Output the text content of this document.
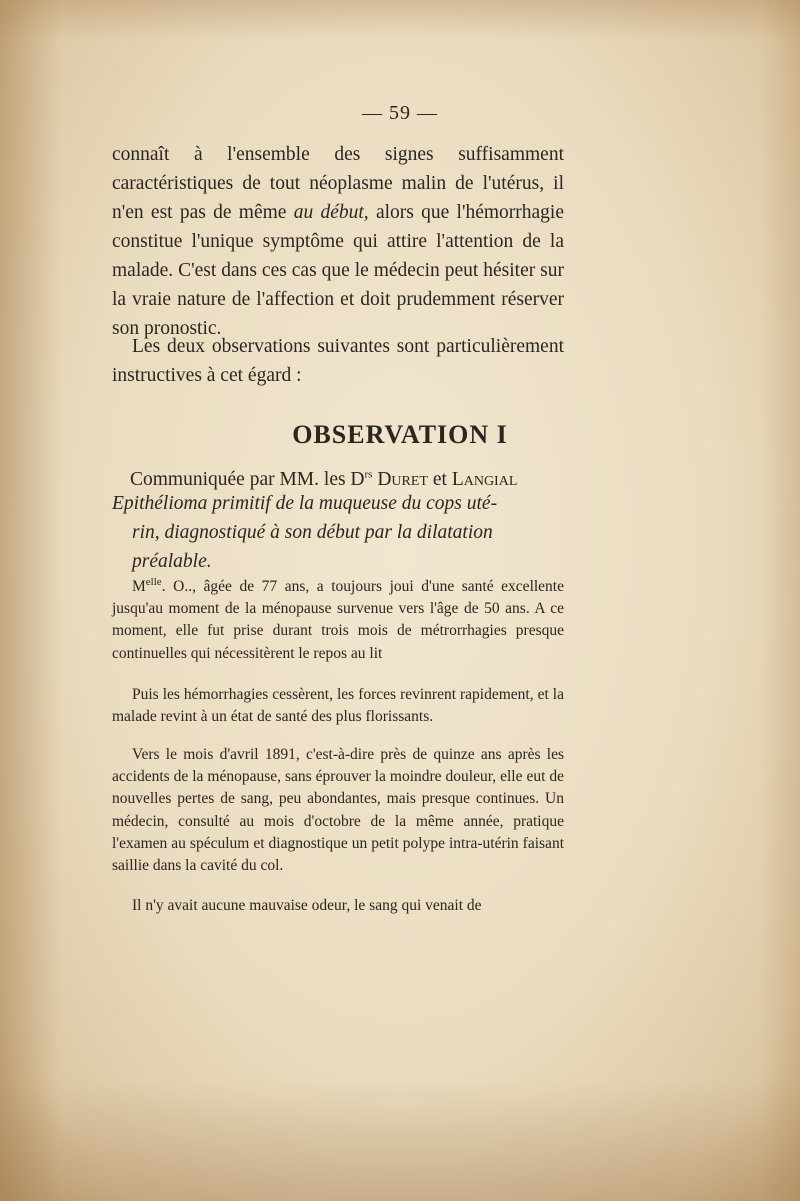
— 59 —

connaît à l'ensemble des signes suffisamment caractéristiques de tout néoplasme malin de l'utérus, il n'en est pas de même au début, alors que l'hémorrhagie constitue l'unique symptôme qui attire l'attention de la malade. C'est dans ces cas que le médecin peut hésiter sur la vraie nature de l'affection et doit prudemment réserver son pronostic.

Les deux observations suivantes sont particulièrement instructives à cet égard :

OBSERVATION I
Communiquée par MM. les $D^{rs}$ Duret et Langial

Epithélioma primitif de la muqueuse du cops uté-
rin, diagnostiqué à son début par la dilatation préalable.

$M^{elle}$. O.., âgée de 77 ans, a toujours joui d'une santé excellente jusqu'au moment de la ménopause survenue vers l'âge de 50 ans. A ce moment, elle fut prise durant trois mois de métrorrhagies presque continuelles qui nécessitèrent le repos au lit

Puis les hémorrhagies cessèrent, les forces revinrent rapidement, et la malade revint à un état de santé des plus florissants.

Vers le mois d'avril 1891, c'est-à-dire près de quinze ans après les accidents de la ménopause, sans éprouver la moindre douleur, elle eut de nouvelles pertes de sang, peu abondantes, mais presque continues. Un médecin, consulté au mois d'octobre de la même année, pratique l'examen au spéculum et diagnostique un petit polype intra-utérin faisant saillie dans la cavité du col.

Il n'y avait aucune mauvaise odeur, le sang qui venait de
